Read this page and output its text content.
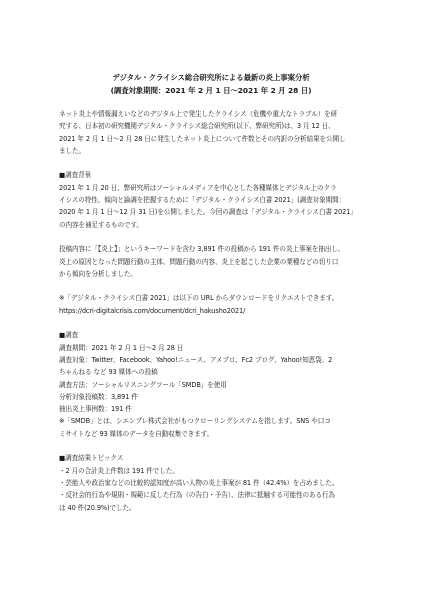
デジタル・クライシス総合研究所による最新の炎上事案分析
(調査対象期間：2021 年 2 月 1 日〜2021 年 2 月 28 日)
ネット炎上や情報漏えいなどのデジタル上で発生したクライシス（危機や重大なトラブル）を研
究する、日本初の研究機関デジタル・クライシス総合研究所(以下、弊研究所)は、3 月 12 日、
2021 年 2 月 1 日〜2 月 28 日に発生したネット炎上について件数とその内訳の分析結果を公開し
ました。
■調査背景
2021 年 1 月 20 日、弊研究所はソーシャルメディアを中心とした各種媒体とデジタル上のクラ
イシスの特性、傾向と論調を把握するために「デジタル・クライシス白書 2021」(調査対象期間：
2020 年 1 月 1 日〜12 月 31 日)を公開しました。今回の調査は「デジタル・クライシス白書 2021」
の内容を補足するものです。
投稿内容に「【炎上】」というキーワードを含む 3,891 件の投稿から 191 件の炎上事案を抽出し、
炎上の原因となった問題行動の主体、問題行動の内容、炎上を起こした企業の業種などの切り口
から傾向を分析しました。
※「デジタル・クライシス白書 2021」は以下の URL からダウンロードをリクエストできます。
https://dcri-digitalcrisis.com/document/dcri_hakusho2021/
■調査
調査期間：2021 年 2 月 1 日〜2 月 28 日
調査対象：Twitter、Facebook、Yahoo!ニュース、アメブロ、Fc2 ブログ、Yahoo!知恵袋、2
ちゃんねる など 93 媒体への投稿
調査方法：ソーシャルリスニングツール「SMDB」を使用
分析対象投稿数：3,891 件
抽出炎上事例数：191 件
※「SMDB」とは、シエンプレ株式会社がもつクローリングシステムを指します。SNS や口コ
ミサイトなど 93 媒体のデータを自動収集できます。
■調査結果トピックス
・2 月の合計炎上件数は 191 件でした。
・芸能人や政治家などの比較的認知度が高い人物の炎上事案が 81 件（42.4%）を占めました。
・反社会的行為や規則・規範に反した行為（の告白・予告）、法律に抵触する可能性のある行為
は 40 件(20.9%)でした。
